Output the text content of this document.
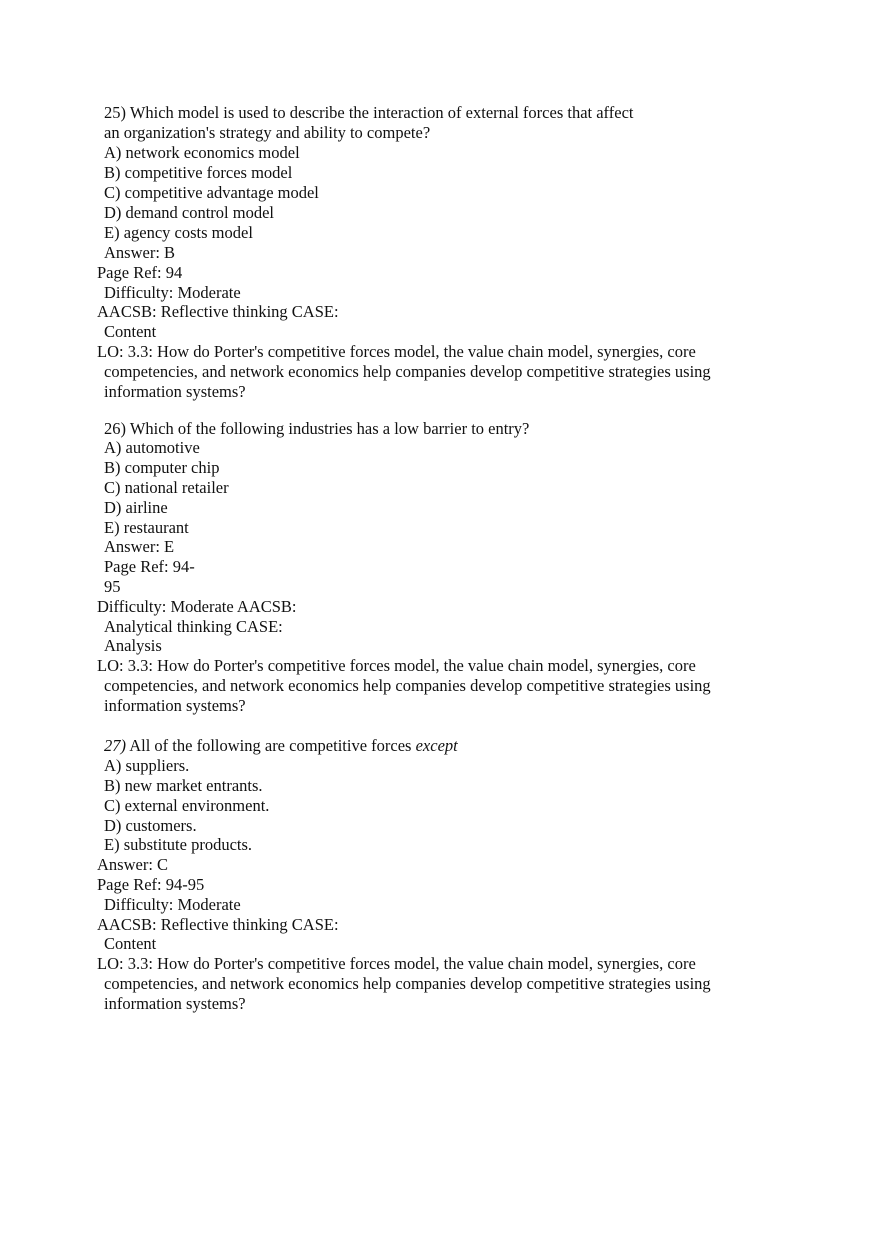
25) Which model is used to describe the interaction of external forces that affect
an organization's strategy and ability to compete?
A) network economics model
B) competitive forces model
C) competitive advantage model
D) demand control model
E) agency costs model
Answer: B
Page Ref: 94
Difficulty: Moderate
AACSB: Reflective thinking CASE:
Content
LO: 3.3: How do Porter's competitive forces model, the value chain model, synergies, core
competencies, and network economics help companies develop competitive strategies using
information systems?
26) Which of the following industries has a low barrier to entry?
A) automotive
B) computer chip
C) national retailer
D) airline
E) restaurant
Answer: E
Page Ref: 94-
95
Difficulty: Moderate AACSB:
Analytical thinking CASE:
Analysis
LO: 3.3: How do Porter's competitive forces model, the value chain model, synergies, core
competencies, and network economics help companies develop competitive strategies using
information systems?
27) All of the following are competitive forces except
A) suppliers.
B) new market entrants.
C) external environment.
D) customers.
E) substitute products.
Answer: C
Page Ref: 94-95
Difficulty: Moderate
AACSB: Reflective thinking CASE:
Content
LO: 3.3: How do Porter's competitive forces model, the value chain model, synergies, core
competencies, and network economics help companies develop competitive strategies using
information systems?
